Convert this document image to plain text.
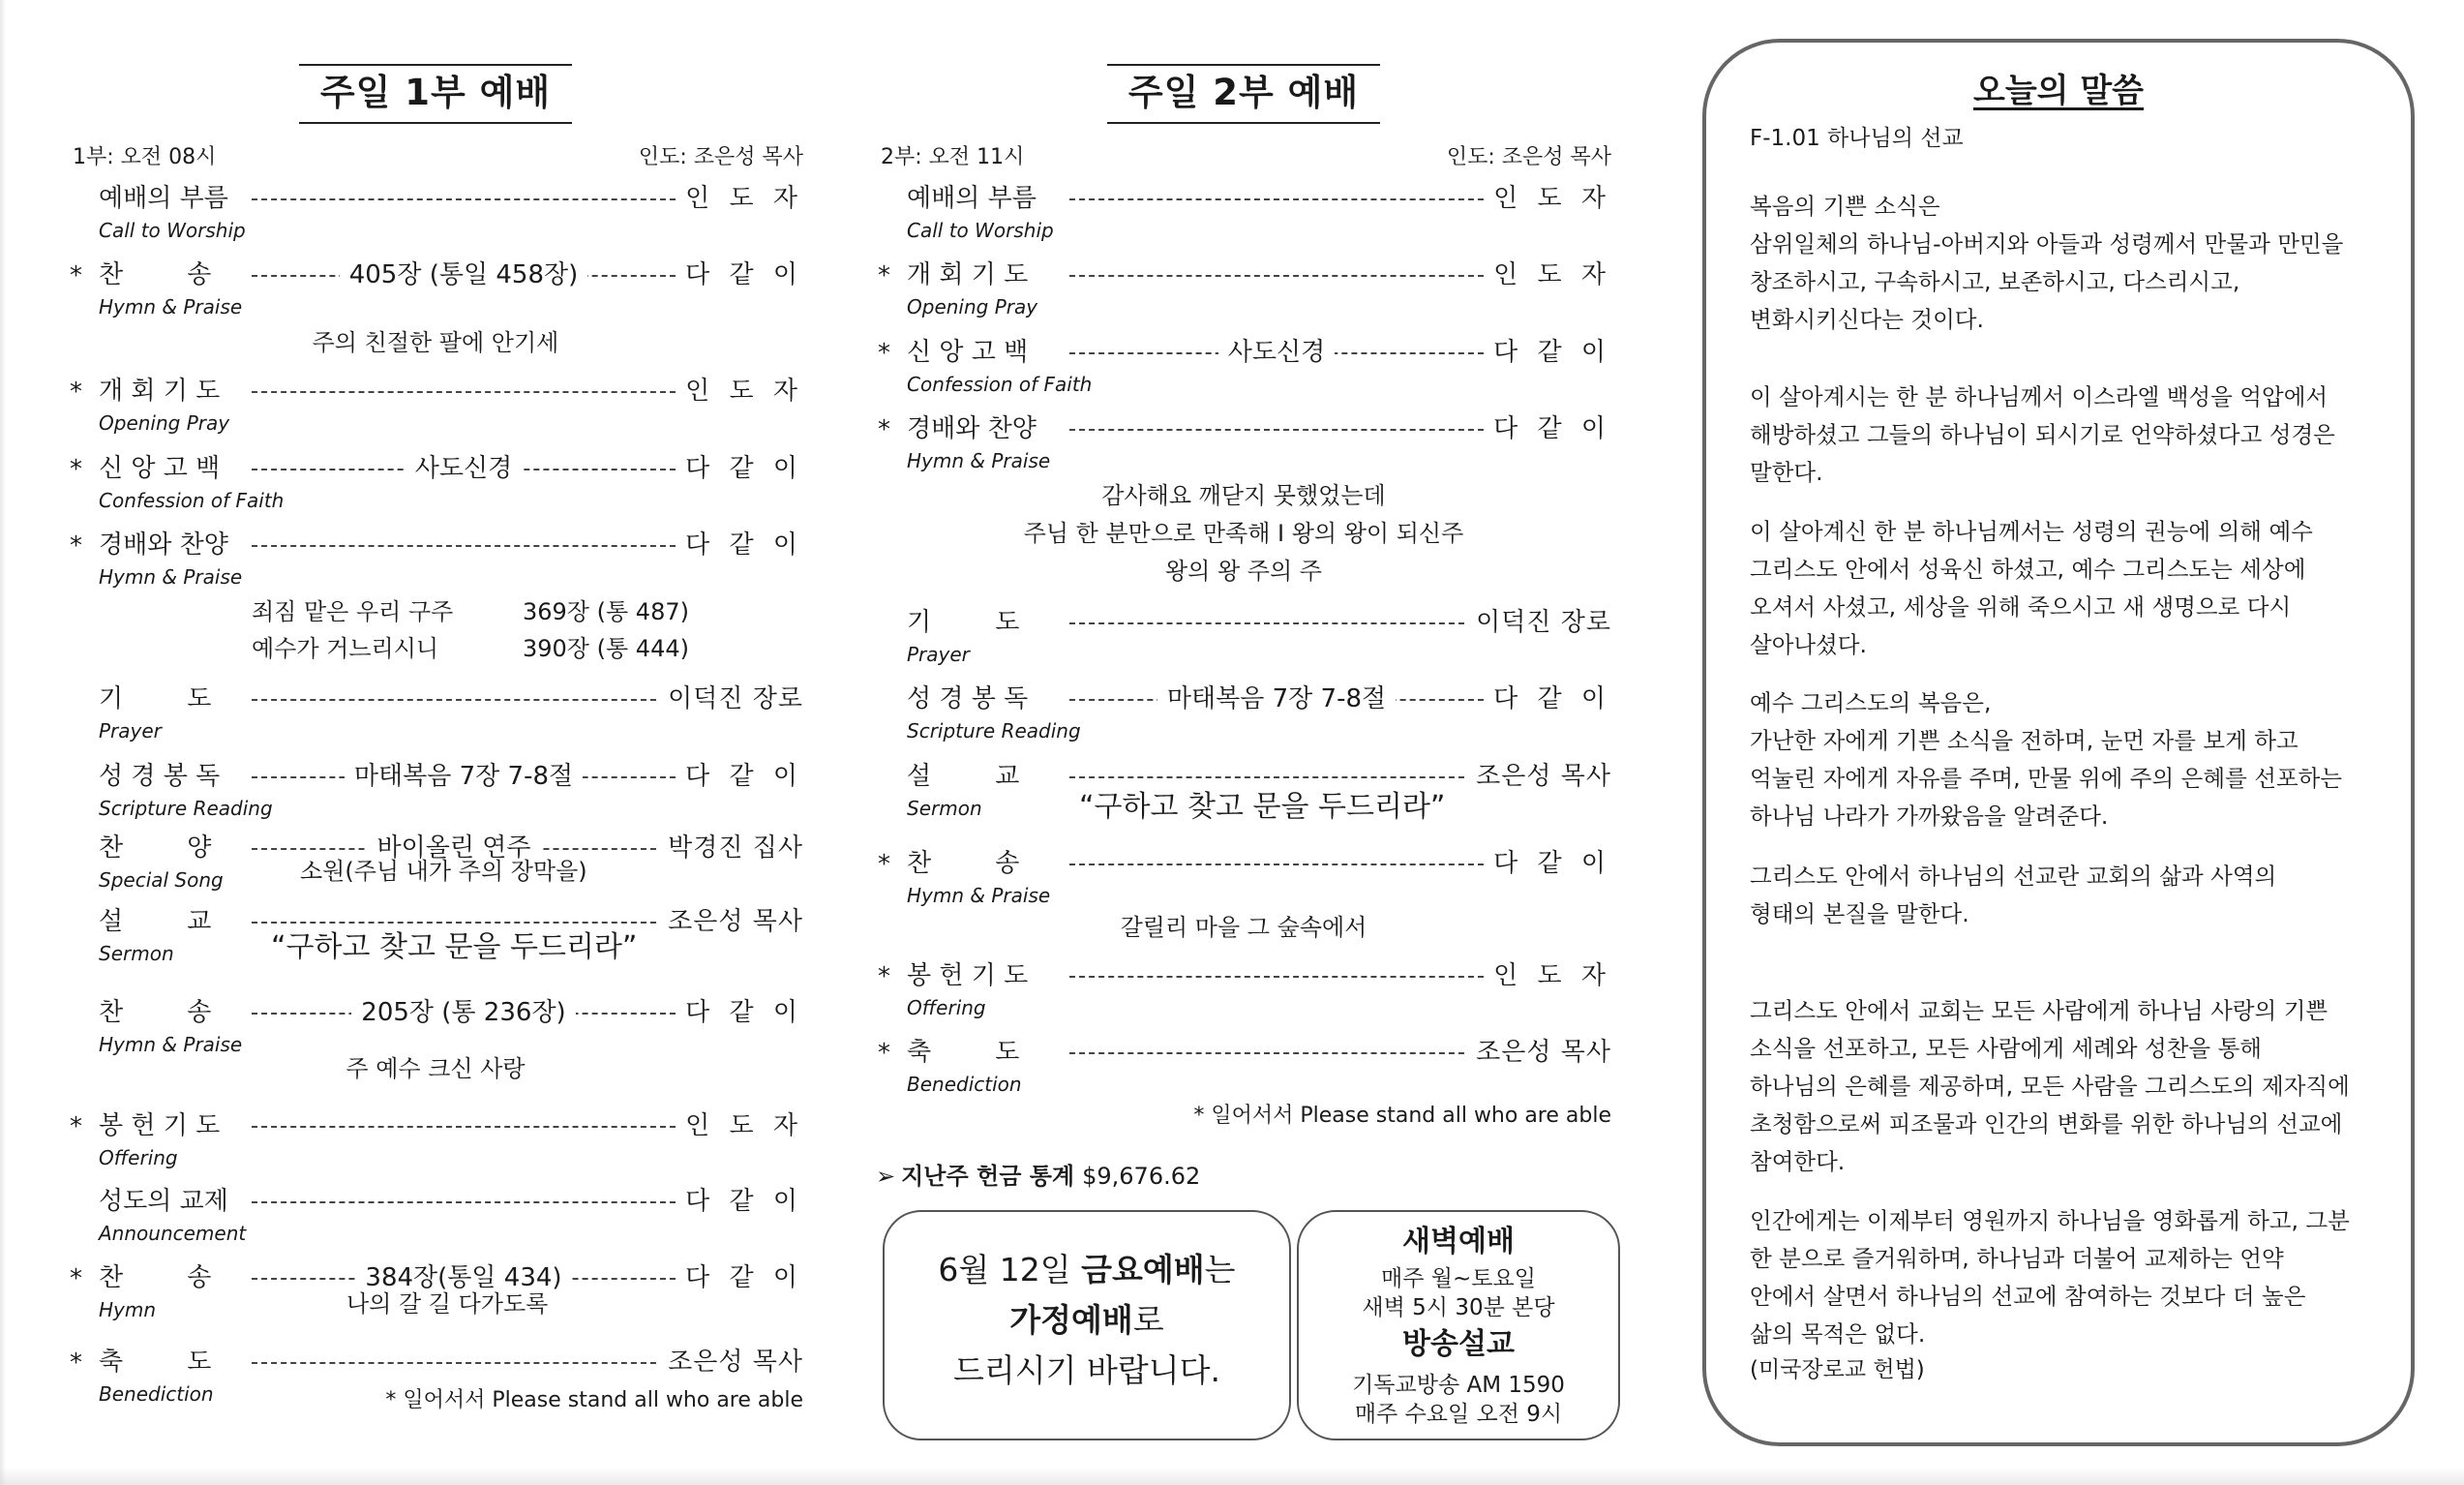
주일 1부 예배
1부: 오전 08시	인도: 조은성 목사
예배의 부름	인 도 자
Call to Worship
* 찬        송	405장 (통일 458장)	다 같 이
Hymn & Praise
* 개 회 기 도	인 도 자
Opening Pray
* 신 앙 고 백	사도신경	다 같 이
Confession of Faith
* 경배와 찬양	다 같 이
Hymn & Praise
기        도	이덕진 장로
Prayer
성 경 봉 독	마태복음 7장 7-8절	다 같 이
Scripture Reading
찬        양	바이올린 연주	박경진 집사
Special Song
설        교	조은성 목사
Sermon
찬        송	205장 (통 236장)	다 같 이
Hymn & Praise
* 봉 헌 기 도	인 도 자
Offering
성도의 교제	다 같 이
Announcement
* 찬        송	384장(통일 434)	다 같 이
Hymn
* 축        도	조은성 목사
Benediction
주의 친절한 팔에 안기세
죄짐 맡은 우리 구주	369장 (통 487)
예수가 거느리시니	390장 (통 444)
소원(주님 내가 주의 장막을)
“구하고 찾고 문을 두드리라”
주 예수 크신 사랑
나의 갈 길 다가도록
* 일어서서 Please stand all who are able
주일 2부 예배
2부: 오전 11시	인도: 조은성 목사
예배의 부름	인 도 자
Call to Worship
* 개 회 기 도	인 도 자
Opening Pray
* 신 앙 고 백	사도신경	다 같 이
Confession of Faith
* 경배와 찬양	다 같 이
Hymn & Praise
기        도	이덕진 장로
Prayer
성 경 봉 독	마태복음 7장 7-8절	다 같 이
Scripture Reading
설        교	조은성 목사
Sermon
* 찬        송	다 같 이
Hymn & Praise
* 봉 헌 기 도	인 도 자
Offering
* 축        도	조은성 목사
Benediction
감사해요 깨닫지 못했었는데
주님 한 분만으로 만족해 I 왕의 왕이 되신주
왕의 왕 주의 주
“구하고 찾고 문을 두드리라”
갈릴리 마을 그 숲속에서
* 일어서서 Please stand all who are able
➢ 지난주 헌금 통계 $9,676.62
6월 12일 금요예배는
가정예배로
드리시기 바랍니다.
새벽예배
매주 월~토요일
새벽 5시 30분 본당
방송설교
기독교방송 AM 1590
매주 수요일 오전 9시
오늘의 말씀
F-1.01 하나님의 선교
복음의 기쁜 소식은
삼위일체의 하나님-아버지와 아들과 성령께서 만물과 만민을
창조하시고, 구속하시고, 보존하시고, 다스리시고,
변화시키신다는 것이다.
이 살아계시는 한 분 하나님께서 이스라엘 백성을 억압에서
해방하셨고 그들의 하나님이 되시기로 언약하셨다고 성경은
말한다.
이 살아계신 한 분 하나님께서는 성령의 권능에 의해 예수
그리스도 안에서 성육신 하셨고, 예수 그리스도는 세상에
오셔서 사셨고, 세상을 위해 죽으시고 새 생명으로 다시
살아나셨다.
예수 그리스도의 복음은,
가난한 자에게 기쁜 소식을 전하며, 눈먼 자를 보게 하고
억눌린 자에게 자유를 주며, 만물 위에 주의 은혜를 선포하는
하나님 나라가 가까왔음을 알려준다.
그리스도 안에서 하나님의 선교란 교회의 삶과 사역의
형태의 본질을 말한다.
그리스도 안에서 교회는 모든 사람에게 하나님 사랑의 기쁜
소식을 선포하고, 모든 사람에게 세례와 성찬을 통해
하나님의 은혜를 제공하며, 모든 사람을 그리스도의 제자직에
초청함으로써 피조물과 인간의 변화를 위한 하나님의 선교에
참여한다.
인간에게는 이제부터 영원까지 하나님을 영화롭게 하고, 그분
한 분으로 즐거워하며, 하나님과 더불어 교제하는 언약
안에서 살면서 하나님의 선교에 참여하는 것보다 더 높은
삶의 목적은 없다.
(미국장로교 헌법)
